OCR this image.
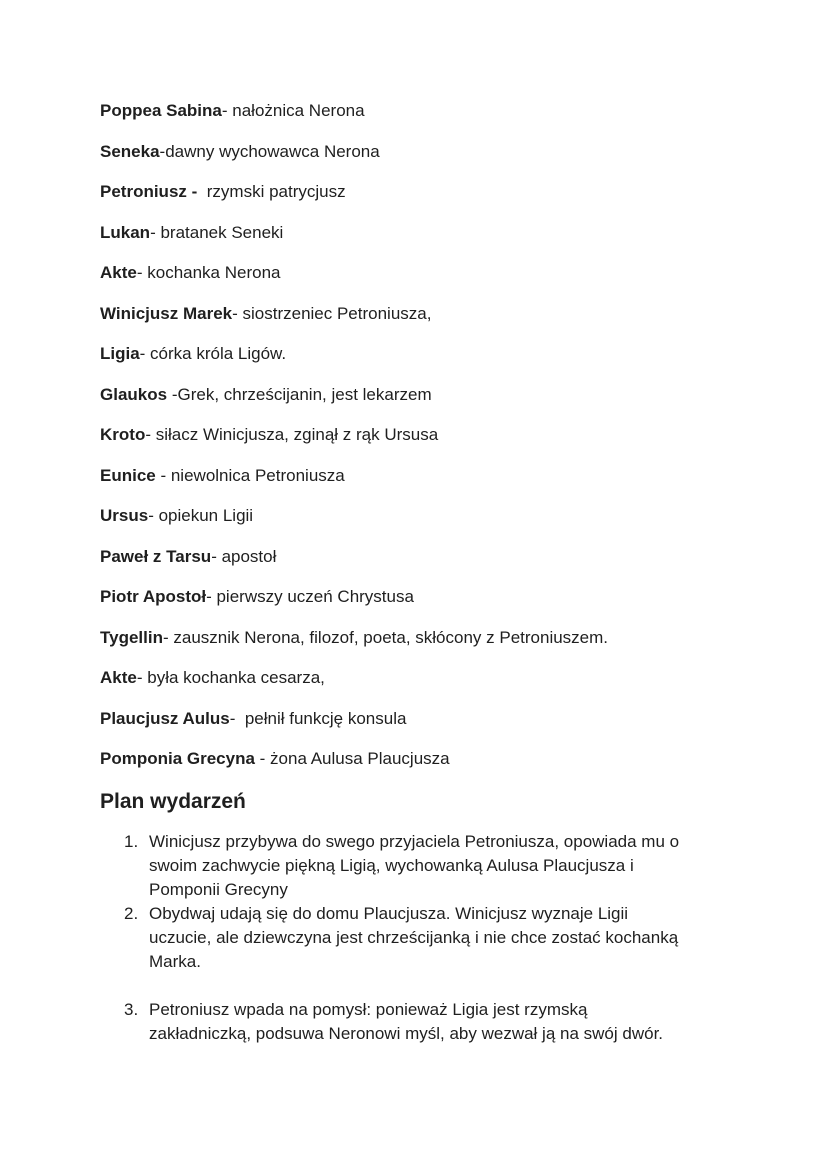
Poppea Sabina- nałożnica Nerona
Seneka-dawny wychowawca Nerona
Petroniusz -  rzymski patrycjusz
Lukan- bratanek Seneki
Akte- kochanka Nerona
Winicjusz Marek- siostrzeniec Petroniusza,
Ligia- córka króla Ligów.
Glaukos -Grek, chrześcijanin, jest lekarzem
Kroto- siłacz Winicjusza, zginął z rąk Ursusa
Eunice - niewolnica Petroniusza
Ursus- opiekun Ligii
Paweł z Tarsu- apostoł
Piotr Apostoł- pierwszy uczeń Chrystusa
Tygellin- zausznik Nerona, filozof, poeta, skłócony z Petroniuszem.
Akte- była kochanka cesarza,
Plaucjusz Aulus-  pełnił funkcję konsula
Pomponia Grecyna - żona Aulusa Plaucjusza
Plan wydarzeń
1. Winicjusz przybywa do swego przyjaciela Petroniusza, opowiada mu o
swoim zachwycie piękną Ligią, wychowanką Aulusa Plaucjusza i
Pomponii Grecyny
2. Obydwaj udają się do domu Plaucjusza. Winicjusz wyznaje Ligii
uczucie, ale dziewczyna jest chrześcijanką i nie chce zostać kochanką
Marka.
3. Petroniusz wpada na pomysł: ponieważ Ligia jest rzymską
zakładniczką, podsuwa Neronowi myśl, aby wezwał ją na swój dwór.
